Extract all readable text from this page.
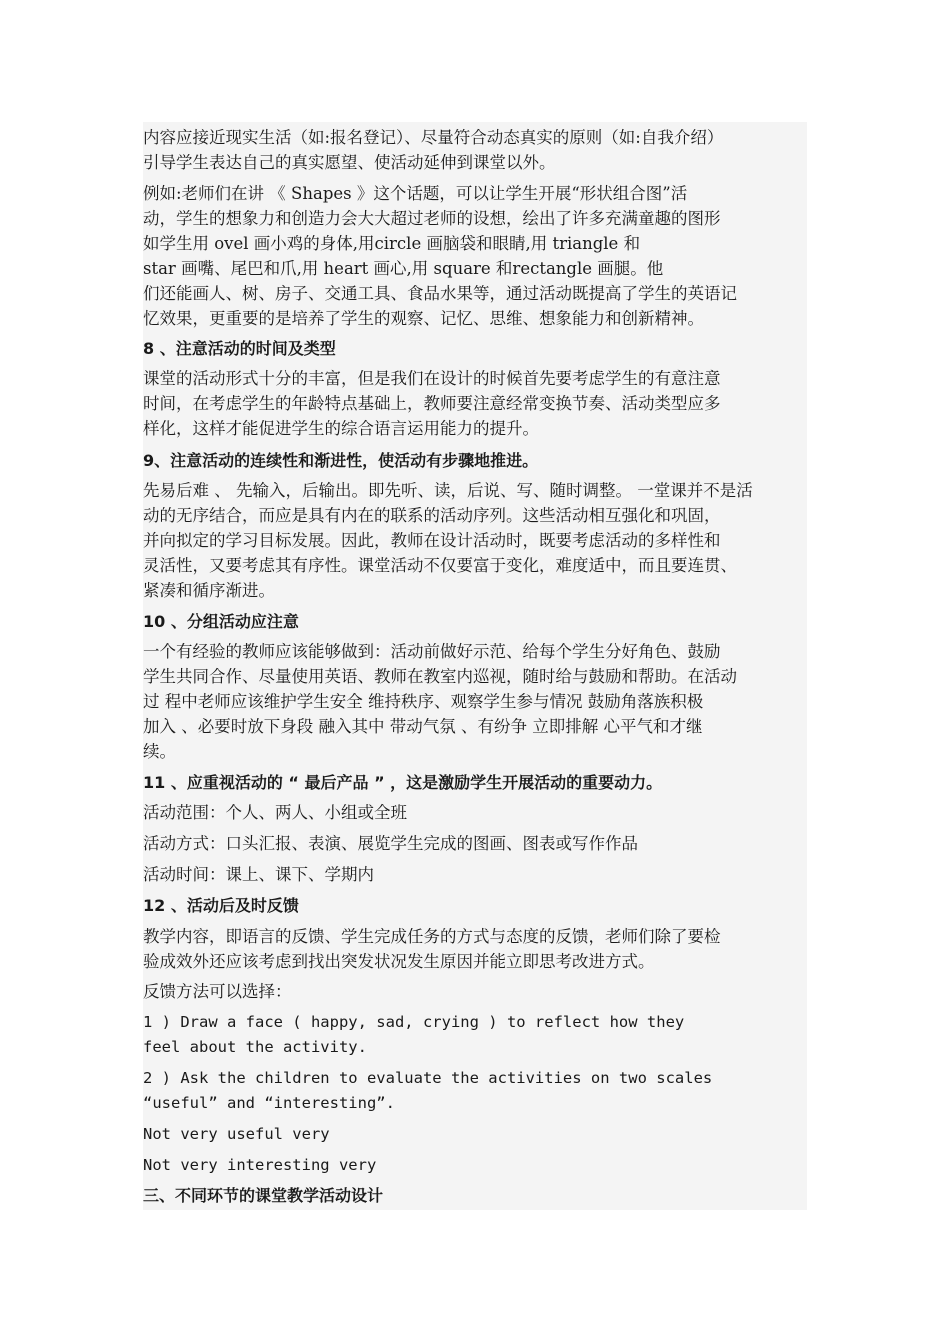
内容应接近现实生活（如:报名登记）、尽量符合动态真实的原则（如:自我介绍）
引导学生表达自己的真实愿望、使活动延伸到课堂以外。
例如:老师们在讲 《 Shapes 》这个话题，可以让学生开展“形状组合图”活
动，学生的想象力和创造力会大大超过老师的设想，绘出了许多充满童趣的图形
如学生用 ovel 画小鸡的身体,用circle 画脑袋和眼睛,用 triangle 和
star 画嘴、尾巴和爪,用 heart 画心,用 square 和rectangle 画腿。他
们还能画人、树、房子、交通工具、食品水果等，通过活动既提高了学生的英语记
忆效果，更重要的是培养了学生的观察、记忆、思维、想象能力和创新精神。
8 、注意活动的时间及类型
课堂的活动形式十分的丰富，但是我们在设计的时候首先要考虑学生的有意注意
时间，在考虑学生的年龄特点基础上，教师要注意经常变换节奏、活动类型应多
样化，这样才能促进学生的综合语言运用能力的提升。
9、注意活动的连续性和渐进性，使活动有步骤地推进。
先易后难 、 先输入，后输出。即先听、读，后说、写、随时调整。 一堂课并不是活
动的无序结合，而应是具有内在的联系的活动序列。这些活动相互强化和巩固，
并向拟定的学习目标发展。因此，教师在设计活动时，既要考虑活动的多样性和
灵活性，又要考虑其有序性。课堂活动不仅要富于变化，难度适中，而且要连贯、
紧凑和循序渐进。
10 、分组活动应注意
一个有经验的教师应该能够做到：活动前做好示范、给每个学生分好角色、鼓励
学生共同合作、尽量使用英语、教师在教室内巡视，随时给与鼓励和帮助。在活动
过 程中老师应该维护学生安全 维持秩序、观察学生参与情况 鼓励角落族积极
加入 、必要时放下身段 融入其中 带动气氛 、有纷争 立即排解 心平气和才继
续。
11 、应重视活动的 “ 最后产品 ” ，这是激励学生开展活动的重要动力。
活动范围：个人、两人、小组或全班
活动方式：口头汇报、表演、展览学生完成的图画、图表或写作作品
活动时间：课上、课下、学期内
12 、活动后及时反馈
教学内容，即语言的反馈、学生完成任务的方式与态度的反馈，老师们除了要检
验成效外还应该考虑到找出突发状况发生原因并能立即思考改进方式。
反馈方法可以选择：
1 ) Draw a face ( happy, sad, crying ) to reflect how they
feel about the activity.
2 ) Ask the children to evaluate the activities on two scales
“useful” and “interesting”.
Not very useful very
Not very interesting very
三、不同环节的课堂教学活动设计
